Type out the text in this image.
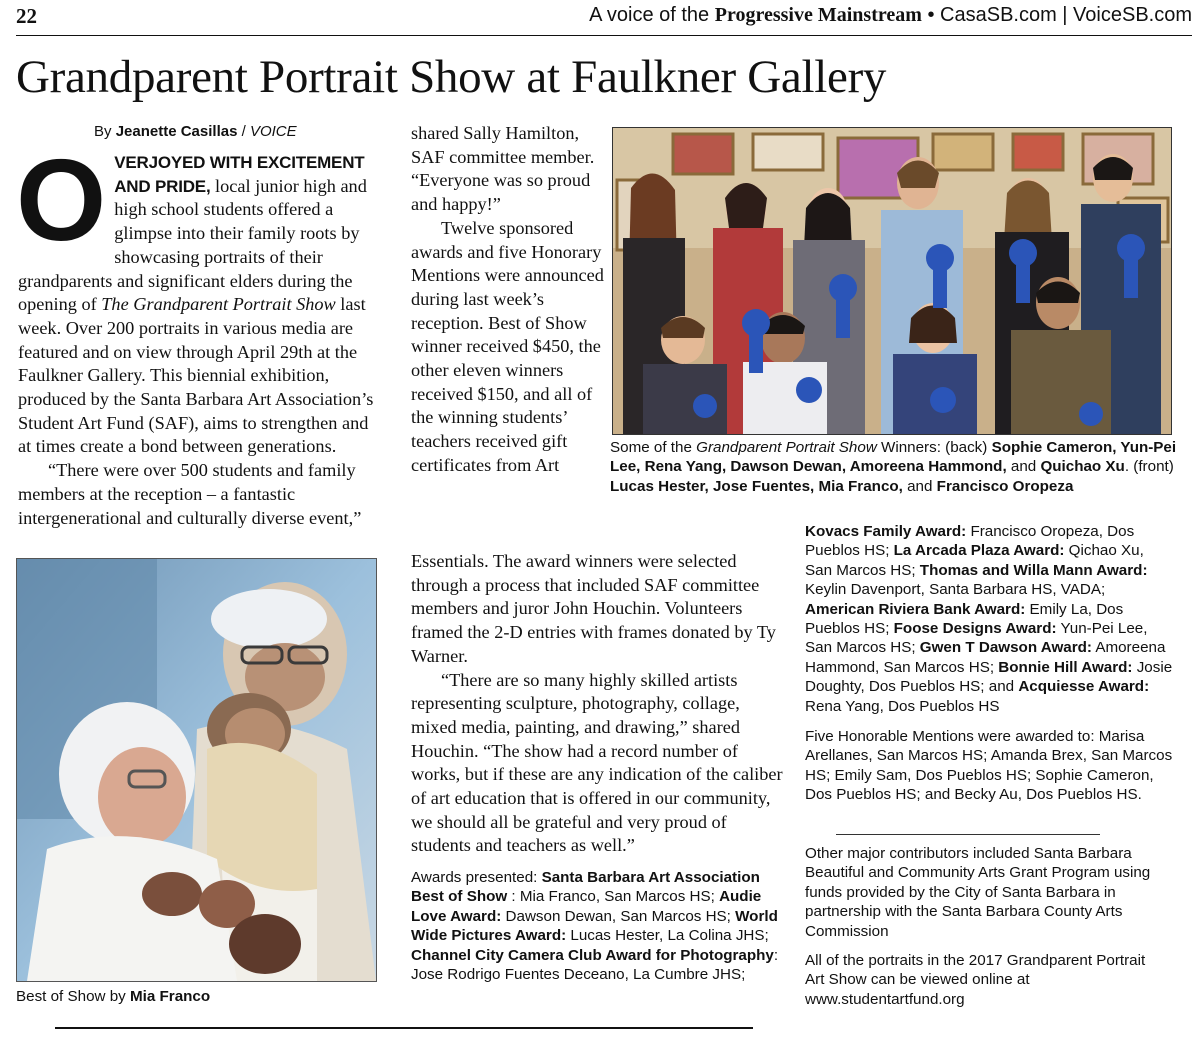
22	A voice of the Progressive Mainstream • CasaSB.com | VoiceSB.com
Grandparent Portrait Show at Faulkner Gallery
By Jeanette Casillas / VOICE

OVERJOYED WITH EXCITEMENT AND PRIDE, local junior high and high school students offered a glimpse into their family roots by showcasing portraits of their grandparents and significant elders during the opening of The Grandparent Portrait Show last week. Over 200 portraits in various media are featured and on view through April 29th at the Faulkner Gallery. This biennial exhibition, produced by the Santa Barbara Art Association’s Student Art Fund (SAF), aims to strengthen and at times create a bond between generations.

“There were over 500 students and family members at the reception – a fantastic intergenerational and culturally diverse event,”

Best of Show by Mia Franco

shared Sally Hamilton, SAF committee member. “Everyone was so proud and happy!”

Twelve sponsored awards and five Honorary Mentions were announced during last week’s reception. Best of Show winner received $450, the other eleven winners received $150, and all of the winning students’ teachers received gift certificates from Art

Essentials. The award winners were selected through a process that included SAF committee members and juror John Houchin. Volunteers framed the 2-D entries with frames donated by Ty Warner.

“There are so many highly skilled artists representing sculpture, photography, collage, mixed media, painting, and drawing,” shared Houchin. “The show had a record number of works, but if these are any indication of the caliber of art education that is offered in our community, we should all be grateful and very proud of students and teachers as well.”

Awards presented: Santa Barbara Art Association Best of Show : Mia Franco, San Marcos HS; Audie Love Award: Dawson Dewan, San Marcos HS; World Wide Pictures Award: Lucas Hester, La Colina JHS; Channel City Camera Club Award for Photography: Jose Rodrigo Fuentes Deceano, La Cumbre JHS;
Some of the Grandparent Portrait Show Winners: (back) Sophie Cameron, Yun-Pei Lee, Rena Yang, Dawson Dewan, Amoreena Hammond, and Quichao Xu. (front) Lucas Hester, Jose Fuentes, Mia Franco, and Francisco Oropeza
Kovacs Family Award: Francisco Oropeza, Dos Pueblos HS; La Arcada Plaza Award: Qichao Xu, San Marcos HS; Thomas and Willa Mann Award: Keylin Davenport, Santa Barbara HS, VADA; American Riviera Bank Award: Emily La, Dos Pueblos HS; Foose Designs Award: Yun-Pei Lee, San Marcos HS; Gwen T Dawson Award: Amoreena Hammond, San Marcos HS; Bonnie Hill Award: Josie Doughty, Dos Pueblos HS; and Acquiesse Award: Rena Yang, Dos Pueblos HS
Five Honorable Mentions were awarded to: Marisa Arellanes, San Marcos HS; Amanda Brex, San Marcos HS; Emily Sam, Dos Pueblos HS; Sophie Cameron, Dos Pueblos HS; and Becky Au, Dos Pueblos HS.
Other major contributors included Santa Barbara Beautiful and Community Arts Grant Program using funds provided by the City of Santa Barbara in partnership with the Santa Barbara County Arts Commission
All of the portraits in the 2017 Grandparent Portrait Art Show can be viewed online at www.studentartfund.org
